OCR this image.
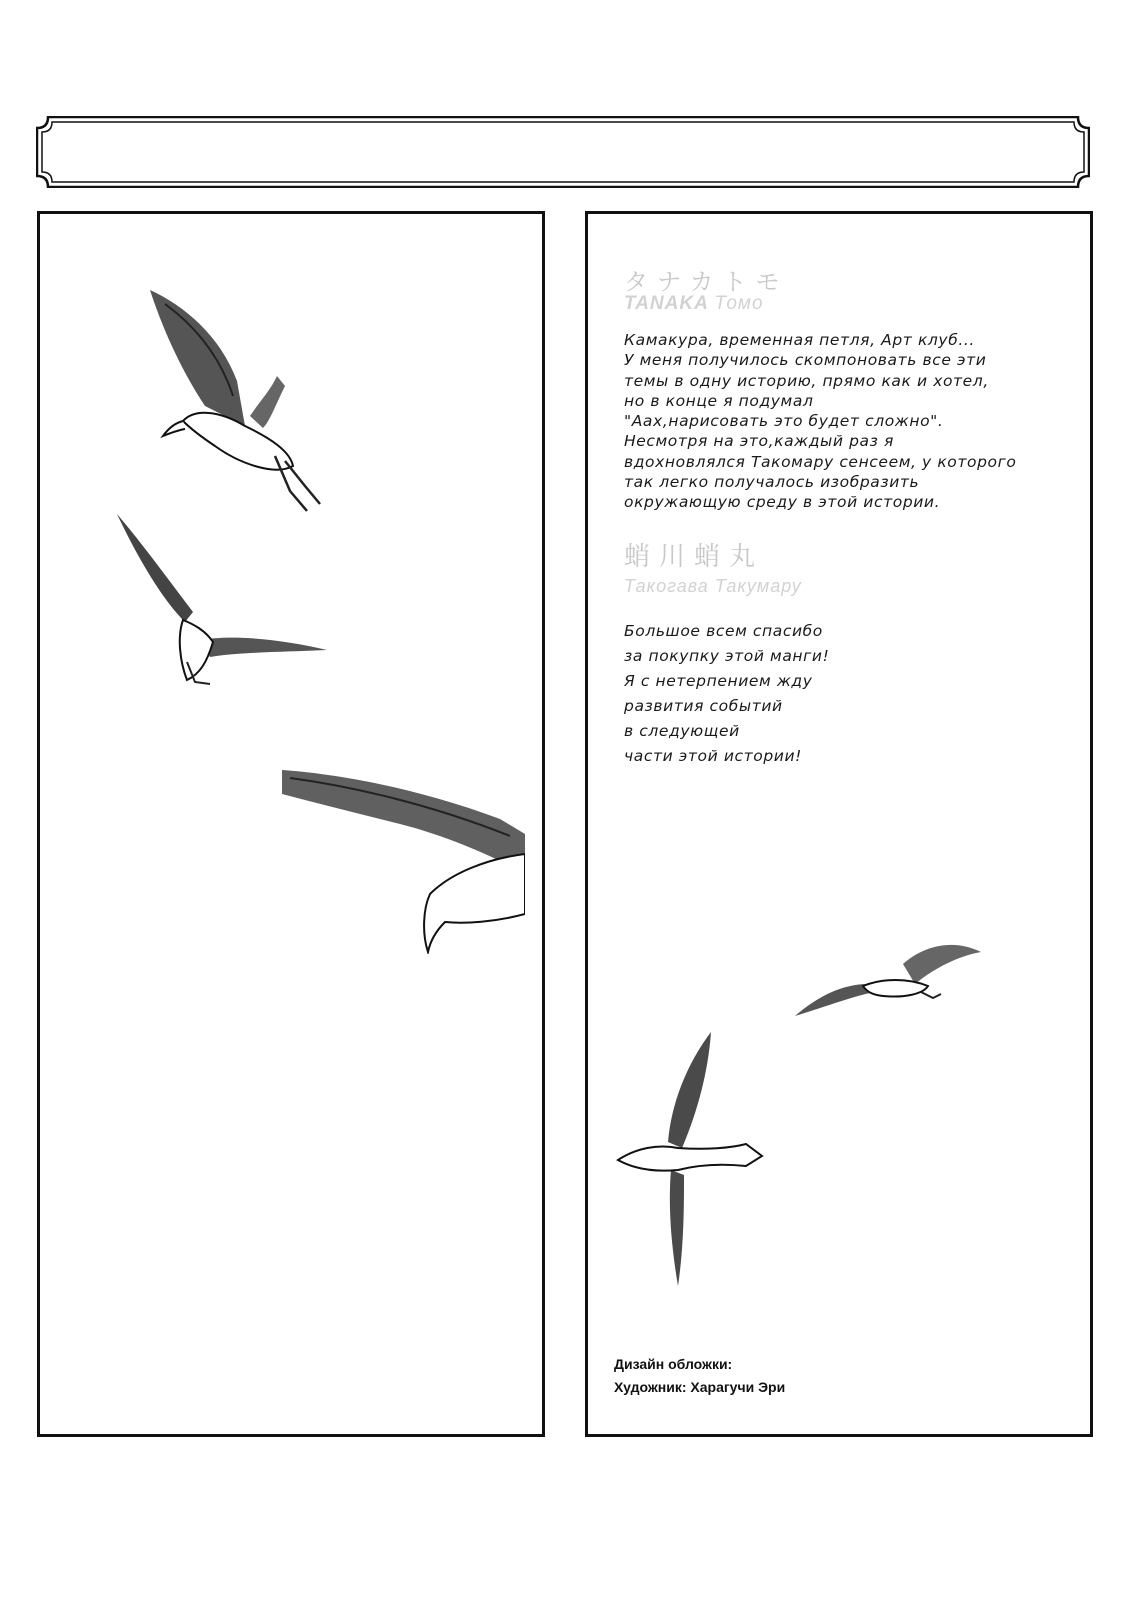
タナカトモ
TANAKA Томо
Камакура, временная петля, Арт клуб...
У меня получилось скомпоновать все эти
темы в одну историю, прямо как и хотел,
но в конце я подумал
"Аах,нарисовать это будет сложно".
Несмотря на это,каждый раз я
вдохновлялся Такомару сенсеем, у которого
так легко получалось изобразить
окружающую среду в этой истории.
蛸川蛸丸
Такогава Такумару
Большое всем спасибо
за покупку этой манги!
Я с нетерпением жду
развития событий
в следующей
части этой истории!
Дизайн обложки:
Художник: Харагучи Эри
